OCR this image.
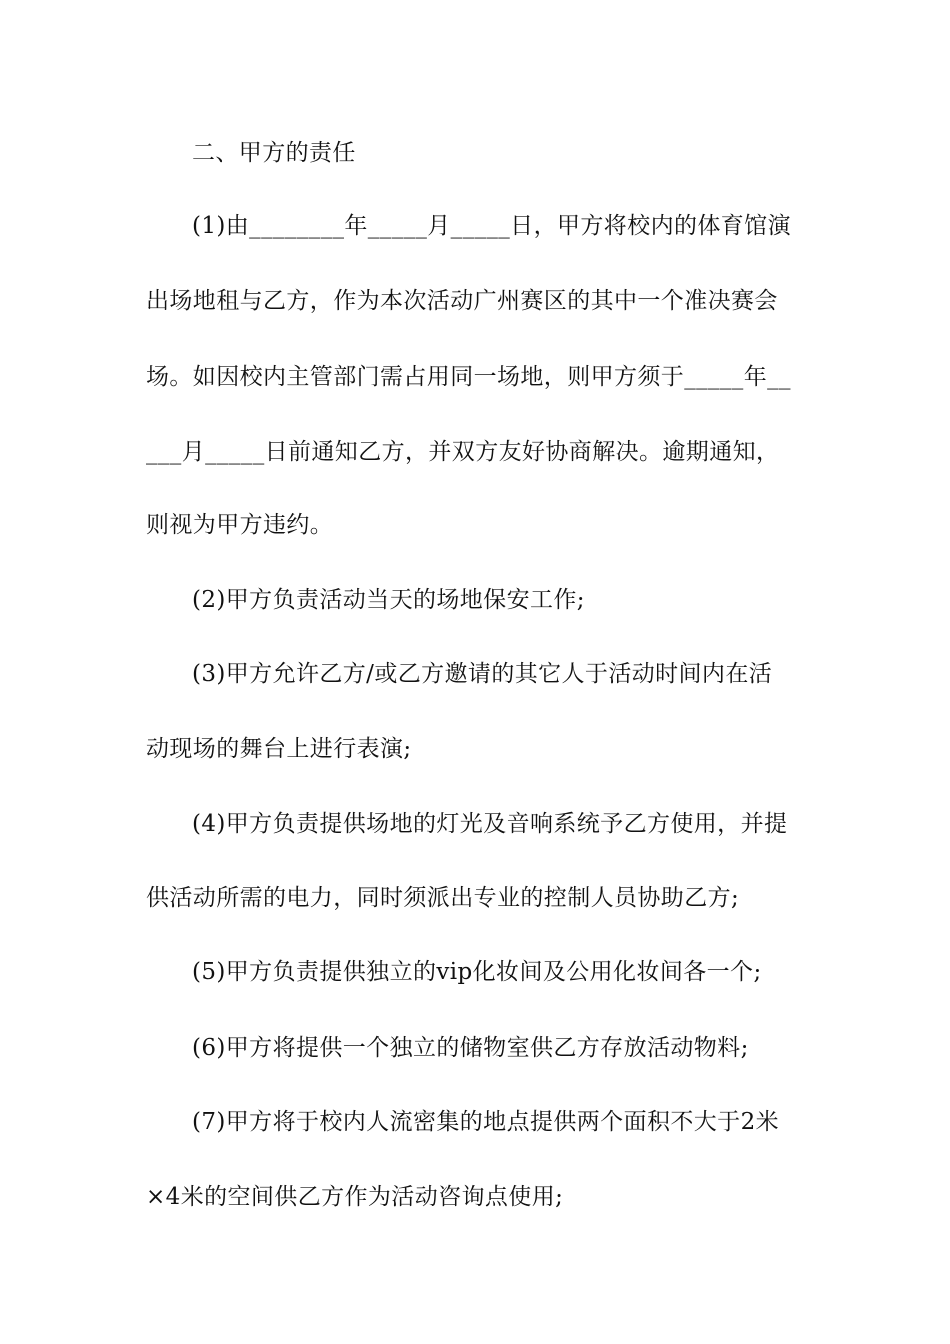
二、甲方的责任
(1)由________年_____月_____日，甲方将校内的体育馆演
出场地租与乙方，作为本次活动广州赛区的其中一个准决赛会
场。如因校内主管部门需占用同一场地，则甲方须于_____年__
___月_____日前通知乙方，并双方友好协商解决。逾期通知，
则视为甲方违约。
(2)甲方负责活动当天的场地保安工作;
(3)甲方允许乙方/或乙方邀请的其它人于活动时间内在活
动现场的舞台上进行表演;
(4)甲方负责提供场地的灯光及音响系统予乙方使用，并提
供活动所需的电力，同时须派出专业的控制人员协助乙方;
(5)甲方负责提供独立的vip化妆间及公用化妆间各一个;
(6)甲方将提供一个独立的储物室供乙方存放活动物料;
(7)甲方将于校内人流密集的地点提供两个面积不大于2米
×4米的空间供乙方作为活动咨询点使用;
